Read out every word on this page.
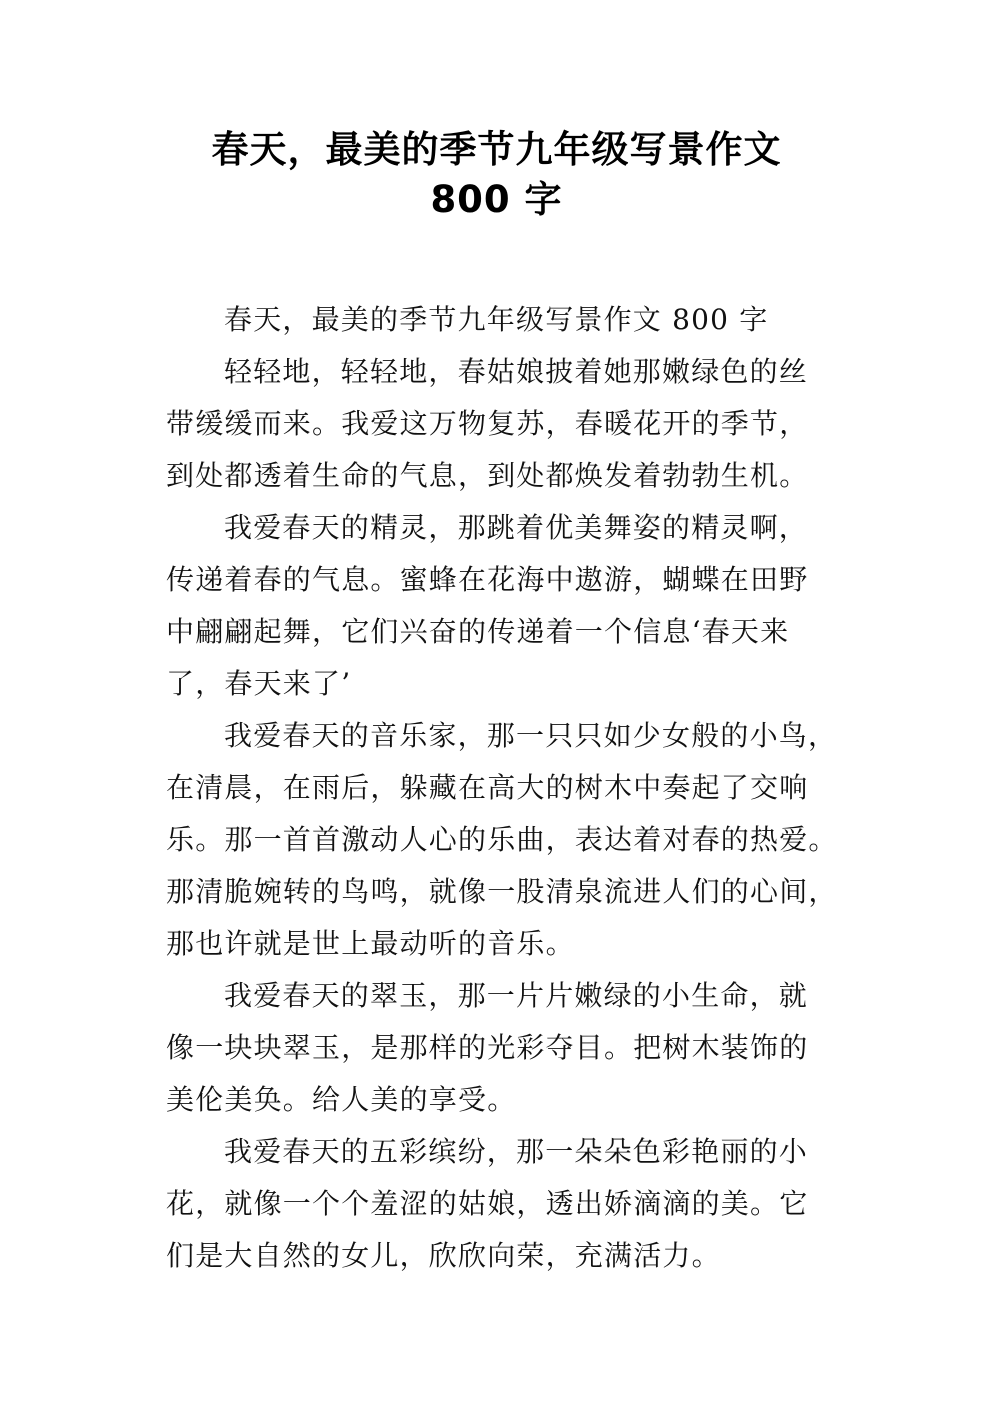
春天，最美的季节九年级写景作文
800 字
春天，最美的季节九年级写景作文 800 字
轻轻地，轻轻地，春姑娘披着她那嫩绿色的丝
带缓缓而来。我爱这万物复苏，春暖花开的季节，
到处都透着生命的气息，到处都焕发着勃勃生机。
我爱春天的精灵，那跳着优美舞姿的精灵啊，
传递着春的气息。蜜蜂在花海中遨游，蝴蝶在田野
中翩翩起舞，它们兴奋的传递着一个信息‘春天来
了，春天来了’
我爱春天的音乐家，那一只只如少女般的小鸟，
在清晨，在雨后，躲藏在高大的树木中奏起了交响
乐。那一首首激动人心的乐曲，表达着对春的热爱。
那清脆婉转的鸟鸣，就像一股清泉流进人们的心间，
那也许就是世上最动听的音乐。
我爱春天的翠玉，那一片片嫩绿的小生命，就
像一块块翠玉，是那样的光彩夺目。把树木装饰的
美伦美奂。给人美的享受。
我爱春天的五彩缤纷，那一朵朵色彩艳丽的小
花，就像一个个羞涩的姑娘，透出娇滴滴的美。它
们是大自然的女儿，欣欣向荣，充满活力。
